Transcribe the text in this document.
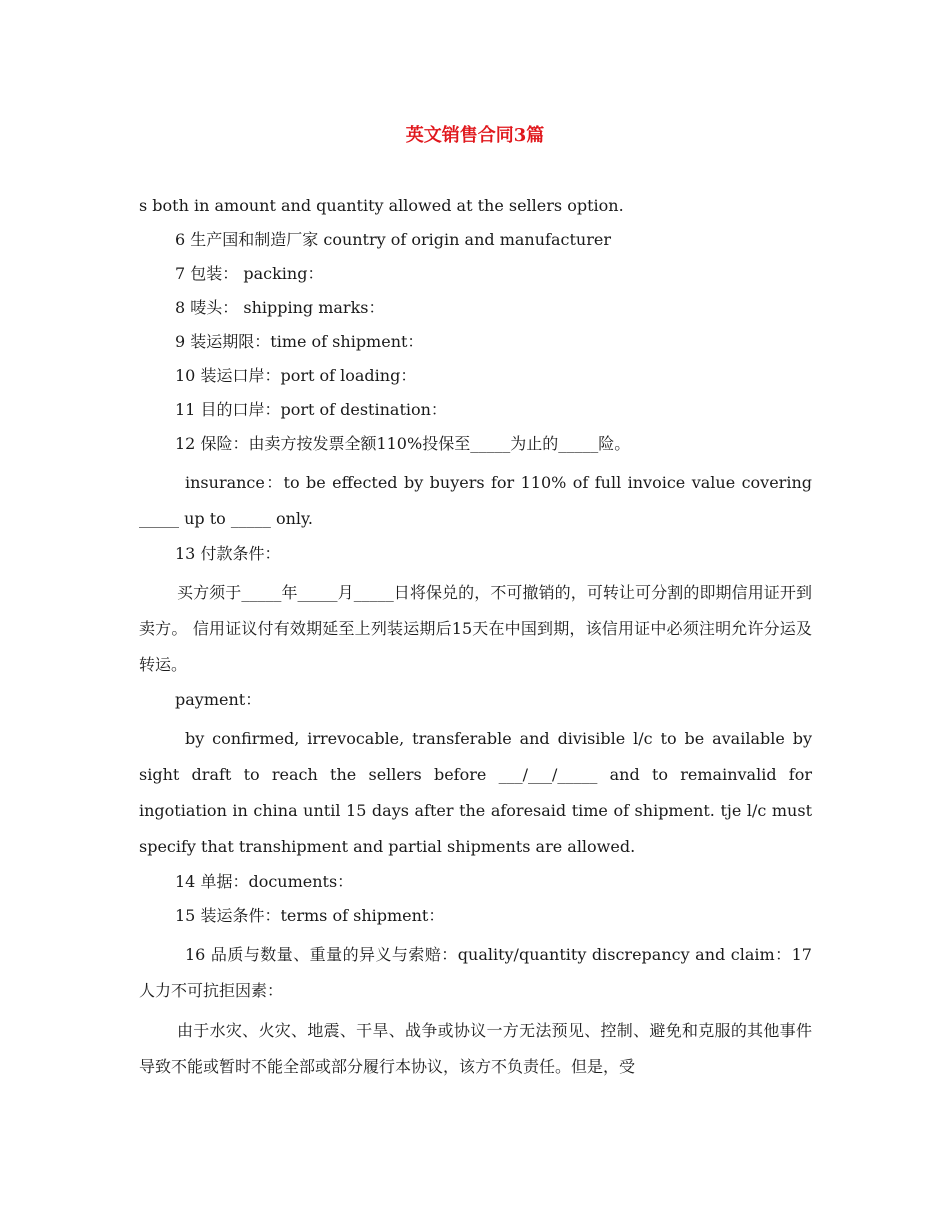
英文销售合同3篇
s both in amount and quantity allowed at the sellers option.
6 生产国和制造厂家 country of origin and manufacturer
7 包装： packing：
8 唛头： shipping marks：
9 装运期限：time of shipment：
10 装运口岸：port of loading：
11 目的口岸：port of destination：
12 保险：由卖方按发票全额110%投保至_____为止的_____险。
insurance：to be effected by buyers for 110% of full invoice value covering _____ up to _____ only.
13 付款条件：
买方须于_____年_____月_____日将保兑的，不可撤销的，可转让可分割的即期信用证开到卖方。 信用证议付有效期延至上列装运期后15天在中国到期，该信用证中必须注明允许分运及转运。
payment：
by confirmed, irrevocable, transferable and divisible l/c to be available by sight draft to reach the sellers before ___/___/_____ and to remainvalid for ingotiation in china until 15 days after the aforesaid time of shipment. tje l/c must specify that transhipment and partial shipments are allowed.
14 单据：documents：
15 装运条件：terms of shipment：
16 品质与数量、重量的异义与索赔：quality/quantity discrepancy and claim：17 人力不可抗拒因素：
由于水灾、火灾、地震、干旱、战争或协议一方无法预见、控制、避免和克服的其他事件导致不能或暂时不能全部或部分履行本协议，该方不负责任。但是，受
